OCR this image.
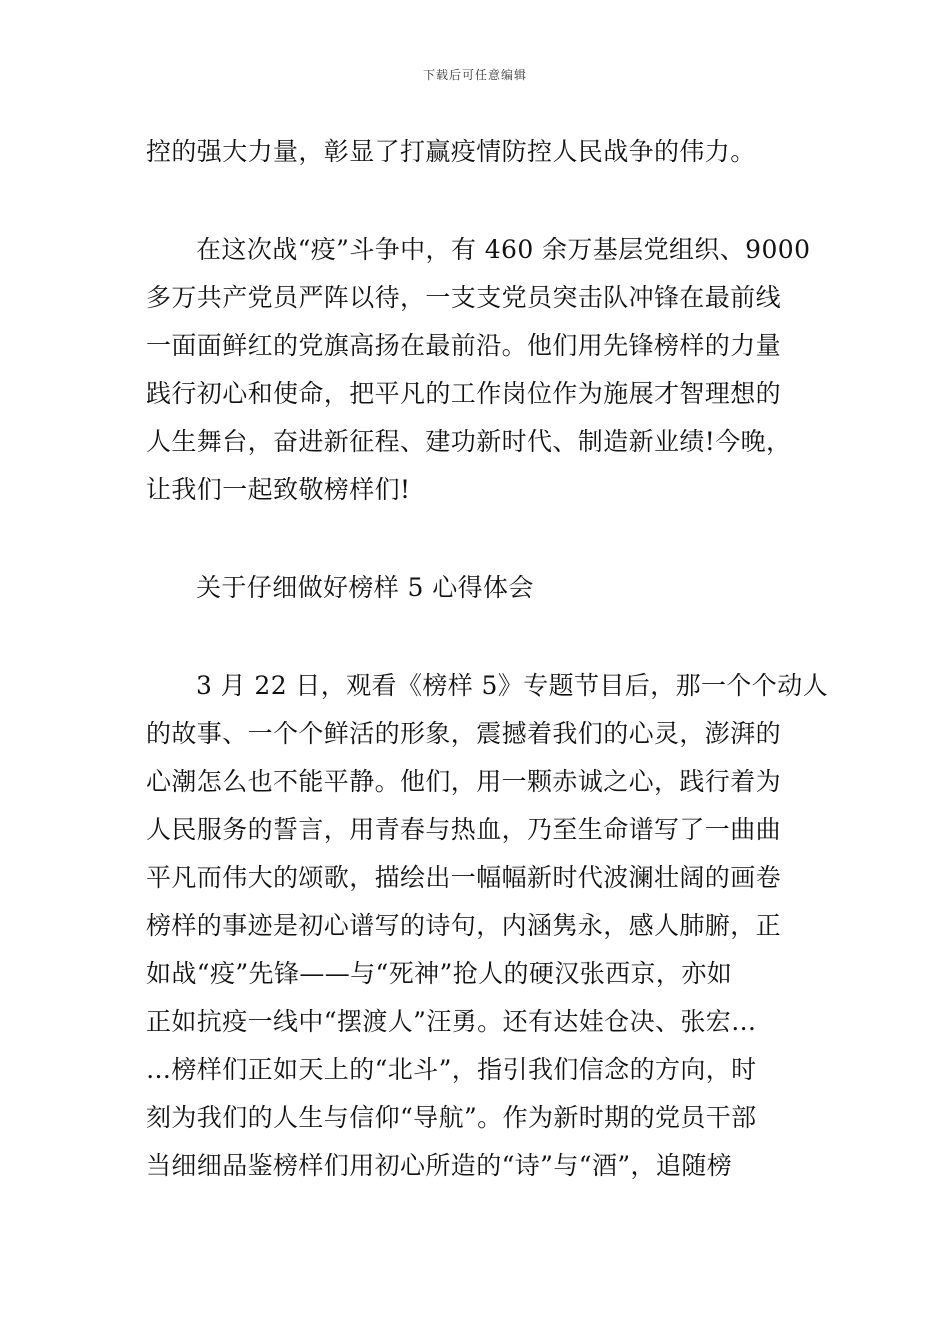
下载后可任意编辑
控的强大力量，彰显了打赢疫情防控人民战争的伟力。
在这次战“疫”斗争中，有 460 余万基层党组织、9000
多万共产党员严阵以待，一支支党员突击队冲锋在最前线
一面面鲜红的党旗高扬在最前沿。他们用先锋榜样的力量
践行初心和使命，把平凡的工作岗位作为施展才智理想的
人生舞台，奋进新征程、建功新时代、制造新业绩!今晚，
让我们一起致敬榜样们!
关于仔细做好榜样 5 心得体会
3 月 22 日，观看《榜样 5》专题节目后，那一个个动人
的故事、一个个鲜活的形象，震撼着我们的心灵，澎湃的
心潮怎么也不能平静。他们，用一颗赤诚之心，践行着为
人民服务的誓言，用青春与热血，乃至生命谱写了一曲曲
平凡而伟大的颂歌，描绘出一幅幅新时代波澜壮阔的画卷
榜样的事迹是初心谱写的诗句，内涵隽永，感人肺腑，正
如战“疫”先锋——与“死神”抢人的硬汉张西京，亦如
正如抗疫一线中“摆渡人”汪勇。还有达娃仓决、张宏…
…榜样们正如天上的“北斗”，指引我们信念的方向，时
刻为我们的人生与信仰“导航”。作为新时期的党员干部
当细细品鉴榜样们用初心所造的“诗”与“酒”，追随榜
